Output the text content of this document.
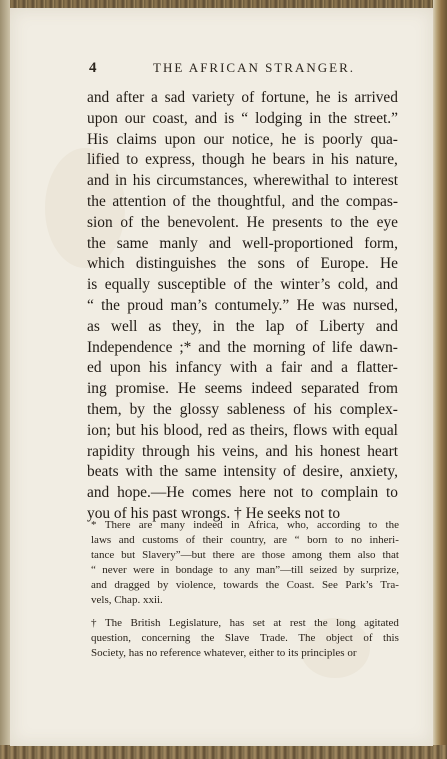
4	THE AFRICAN STRANGER.
and after a sad variety of fortune, he is arrived
upon our coast, and is “ lodging in the street.”
His claims upon our notice, he is poorly qua-
lified to express, though he bears in his nature,
and in his circumstances, wherewithal to interest
the attention of the thoughtful, and the compas-
sion of the benevolent. He presents to the eye
the same manly and well-proportioned form,
which distinguishes the sons of Europe. He
is equally susceptible of the winter’s cold, and
“ the proud man’s contumely.” He was nursed,
as well as they, in the lap of Liberty and
Independence ;* and the morning of life dawn-
ed upon his infancy with a fair and a flatter-
ing promise. He seems indeed separated from
them, by the glossy sableness of his complex-
ion; but his blood, red as theirs, flows with equal
rapidity through his veins, and his honest heart
beats with the same intensity of desire, anxiety,
and hope.—He comes here not to complain to
you of his past wrongs. † He seeks not to
* There are many indeed in Africa, who, according to the
laws and customs of their country, are “ born to no inheri-
tance but Slavery”—but there are those among them also that
“ never were in bondage to any man”—till seized by surprize,
and dragged by violence, towards the Coast. See Park’s Tra-
vels, Chap. xxii.
† The British Legislature, has set at rest the long agitated
question, concerning the Slave Trade. The object of this
Society, has no reference whatever, either to its principles or
